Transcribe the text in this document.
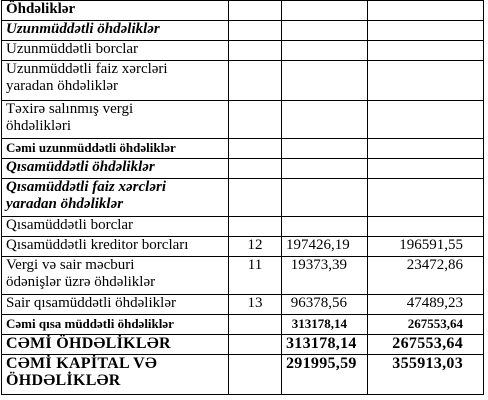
Öhdəliklər			
Uzunmüddətli öhdəliklər			
Uzunmüddətli borclar			
Uzunmüddətli faiz xərcləri
yaradan öhdəliklər			
Təxirə salınmış vergi
öhdəlikləri			
Cəmi uzunmüddətli öhdəliklər			
Qısamüddətli öhdəliklər			
Qısamüddətli faiz xərcləri
yaradan öhdəliklər			
Qısamüddətli borclar			
Qısamüddətli kreditor borcları	12	197426,19	196591,55
Vergi və sair məcburi
ödənişlər üzrə öhdəliklər	11	19373,39	23472,86
Sair qısamüddətli öhdəliklər	13	96378,56	47489,23
Cəmi qısa müddətli öhdəliklər		313178,14	267553,64
CƏMİ ÖHDƏLİKLƏR		313178,14	267553,64
CƏMİ KAPİTAL VƏ
ÖHDƏLİKLƏR		291995,59	355913,03
